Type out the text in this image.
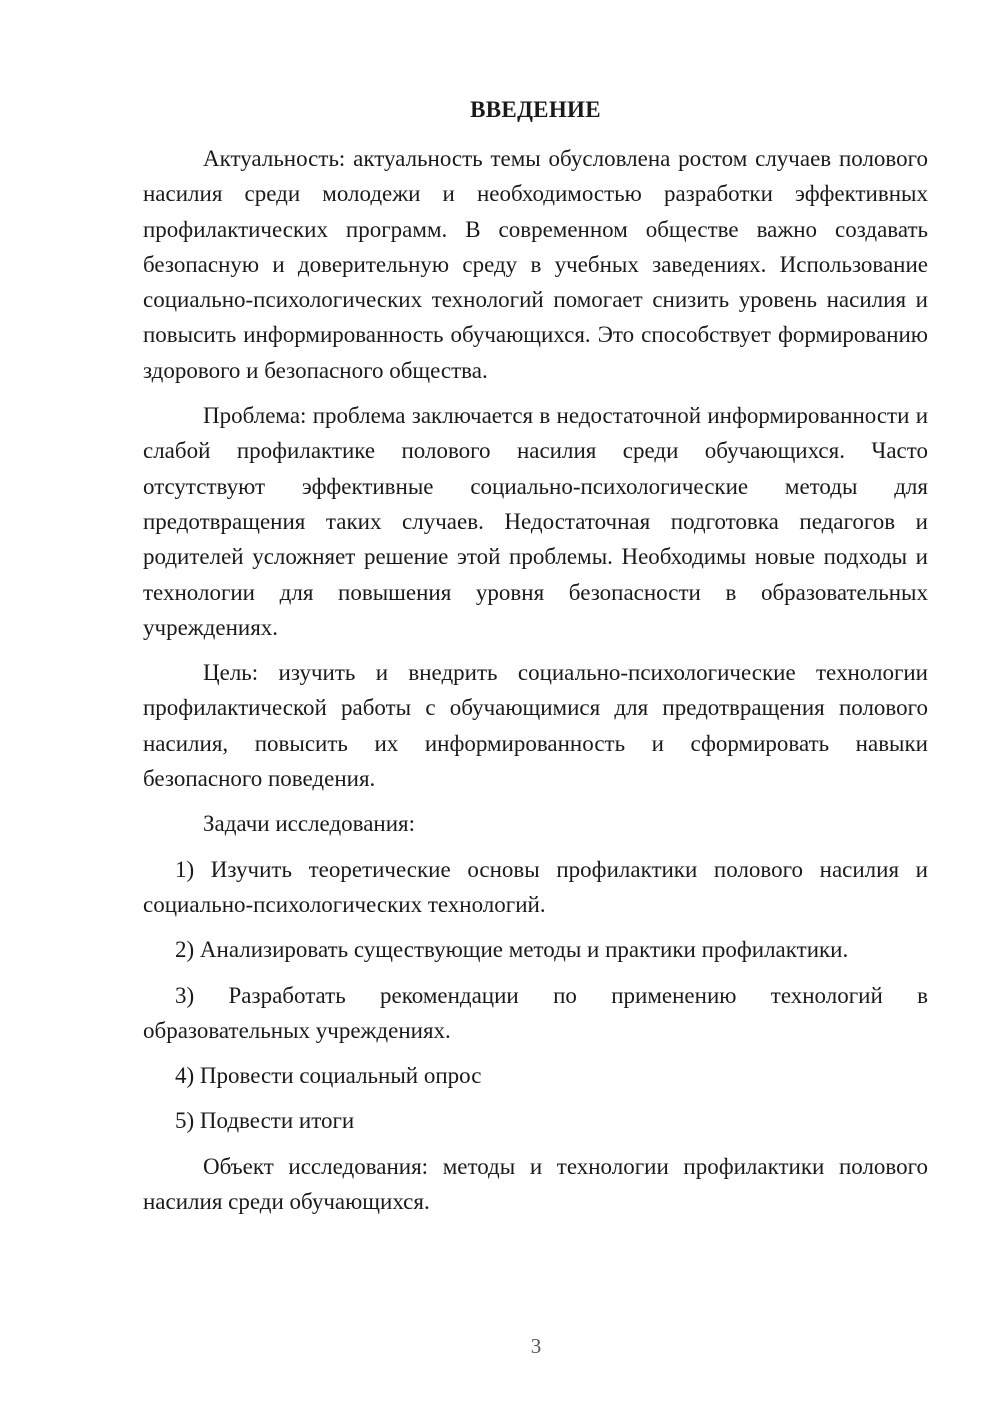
ВВЕДЕНИЕ

Актуальность: актуальность темы обусловлена ростом случаев полового насилия среди молодежи и необходимостью разработки эффективных профилактических программ. В современном обществе важно создавать безопасную и доверительную среду в учебных заведениях. Использование социально-психологических технологий помогает снизить уровень насилия и повысить информированность обучающихся. Это способствует формированию здорового и безопасного общества.

Проблема: проблема заключается в недостаточной информированности и слабой профилактике полового насилия среди обучающихся. Часто отсутствуют эффективные социально-психологические методы для предотвращения таких случаев. Недостаточная подготовка педагогов и родителей усложняет решение этой проблемы. Необходимы новые подходы и технологии для повышения уровня безопасности в образовательных учреждениях.

Цель: изучить и внедрить социально-психологические технологии профилактической работы с обучающимися для предотвращения полового насилия, повысить их информированность и сформировать навыки безопасного поведения.

Задачи исследования:

1) Изучить теоретические основы профилактики полового насилия и социально-психологических технологий.

2) Анализировать существующие методы и практики профилактики.

3) Разработать рекомендации по применению технологий в образовательных учреждениях.

4) Провести социальный опрос

5) Подвести итоги

Объект исследования: методы и технологии профилактики полового насилия среди обучающихся.

3
